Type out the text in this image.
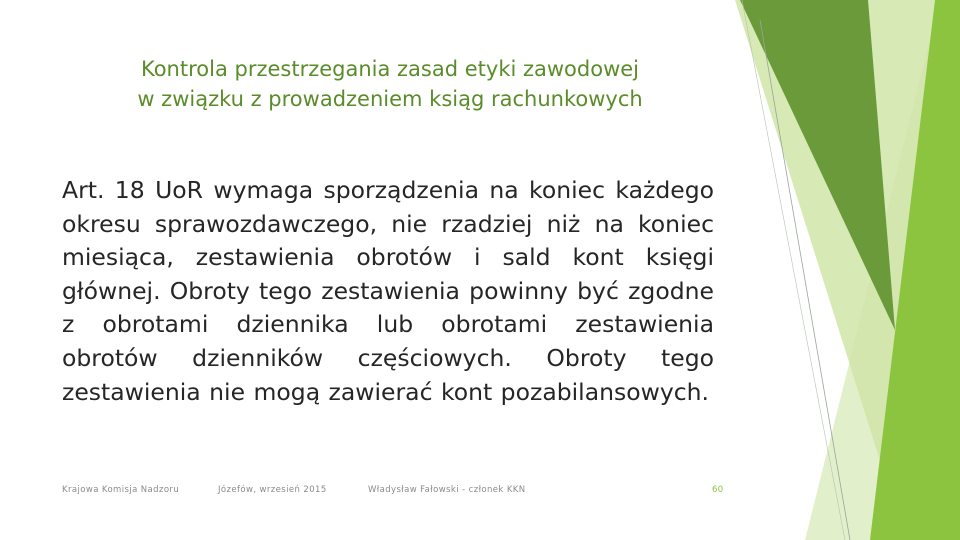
Kontrola przestrzegania zasad etyki zawodowej
w związku z prowadzeniem ksiąg rachunkowych
Art. 18 UoR wymaga sporządzenia na koniec każdego okresu sprawozdawczego, nie rzadziej niż na koniec miesiąca, zestawienia obrotów i sald kont księgi głównej. Obroty tego zestawienia powinny być zgodne z obrotami dziennika lub obrotami zestawienia obrotów dzienników częściowych. Obroty tego zestawienia nie mogą zawierać kont pozabilansowych.
Krajowa Komisja Nadzoru	Józefów, wrzesień 2015	Władysław Fałowski - członek KKN	60
